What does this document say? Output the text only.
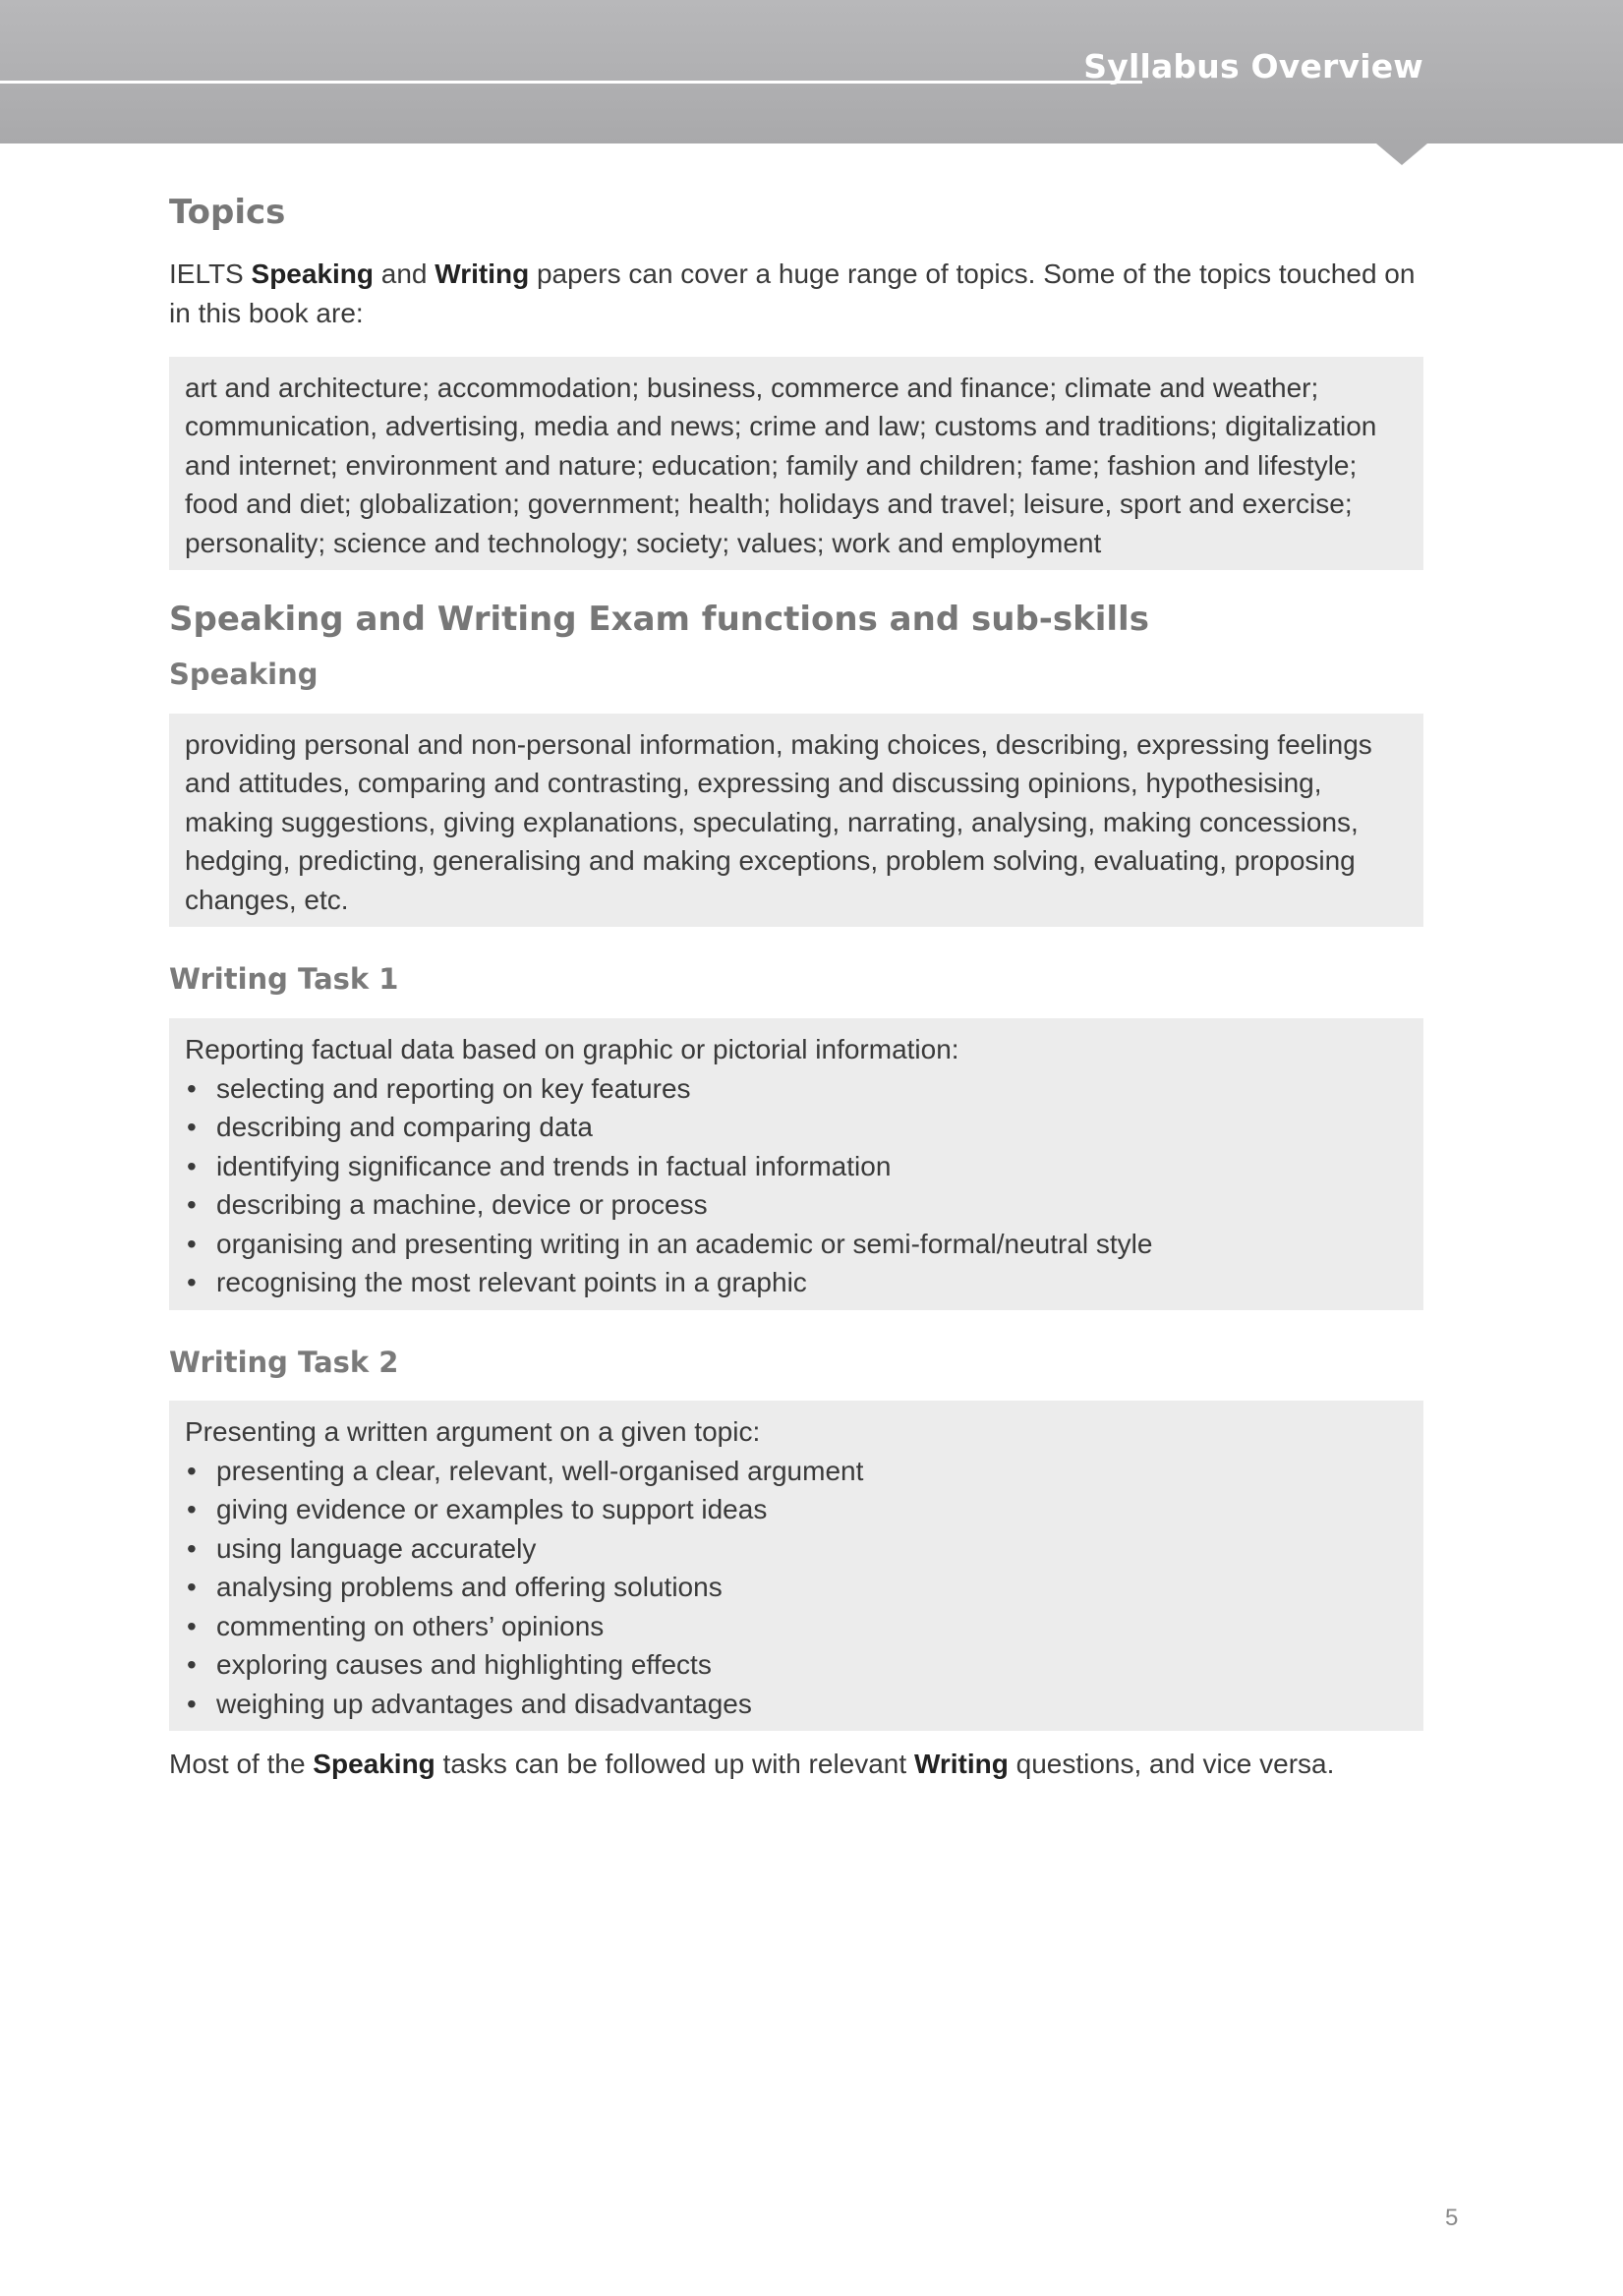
Syllabus Overview
Topics

IELTS Speaking and Writing papers can cover a huge range of topics. Some of the topics touched on in this book are:

art and architecture; accommodation; business, commerce and finance; climate and weather; communication, advertising, media and news; crime and law; customs and traditions; digitalization and internet; environment and nature; education; family and children; fame; fashion and lifestyle; food and diet; globalization; government; health; holidays and travel; leisure, sport and exercise; personality; science and technology; society; values; work and employment

Speaking and Writing Exam functions and sub-skills
Speaking

providing personal and non-personal information, making choices, describing, expressing feelings and attitudes, comparing and contrasting, expressing and discussing opinions, hypothesising, making suggestions, giving explanations, speculating, narrating, analysing, making concessions, hedging, predicting, generalising and making exceptions, problem solving, evaluating, proposing changes, etc.

Writing Task 1

Reporting factual data based on graphic or pictorial information:

• selecting and reporting on key features
• describing and comparing data
• identifying significance and trends in factual information
• describing a machine, device or process
• organising and presenting writing in an academic or semi-formal/neutral style
• recognising the most relevant points in a graphic
Writing Task 2

Presenting a written argument on a given topic:

• presenting a clear, relevant, well-organised argument
• giving evidence or examples to support ideas
• using language accurately
• analysing problems and offering solutions
• commenting on others’ opinions
• exploring causes and highlighting effects
• weighing up advantages and disadvantages

Most of the Speaking tasks can be followed up with relevant Writing questions, and vice versa.

5
